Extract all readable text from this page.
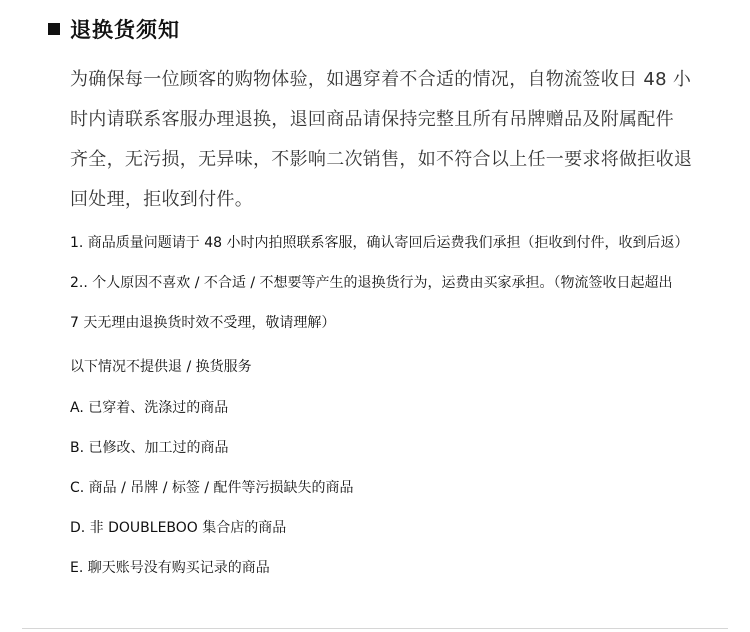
退换货须知
为确保每一位顾客的购物体验，如遇穿着不合适的情况，自物流签收日 48 小
时内请联系客服办理退换，退回商品请保持完整且所有吊牌赠品及附属配件
齐全，无污损，无异味，不影响二次销售，如不符合以上任一要求将做拒收退
回处理，拒收到付件。
1. 商品质量问题请于 48 小时内拍照联系客服，确认寄回后运费我们承担（拒收到付件，收到后返）
2.. 个人原因不喜欢 / 不合适 / 不想要等产生的退换货行为，运费由买家承担。（物流签收日起超出
7 天无理由退换货时效不受理，敬请理解）
以下情况不提供退 / 换货服务
A. 已穿着、洗涤过的商品
B. 已修改、加工过的商品
C. 商品 / 吊牌 / 标签 / 配件等污损缺失的商品
D. 非 DOUBLEBOO 集合店的商品
E. 聊天账号没有购买记录的商品
